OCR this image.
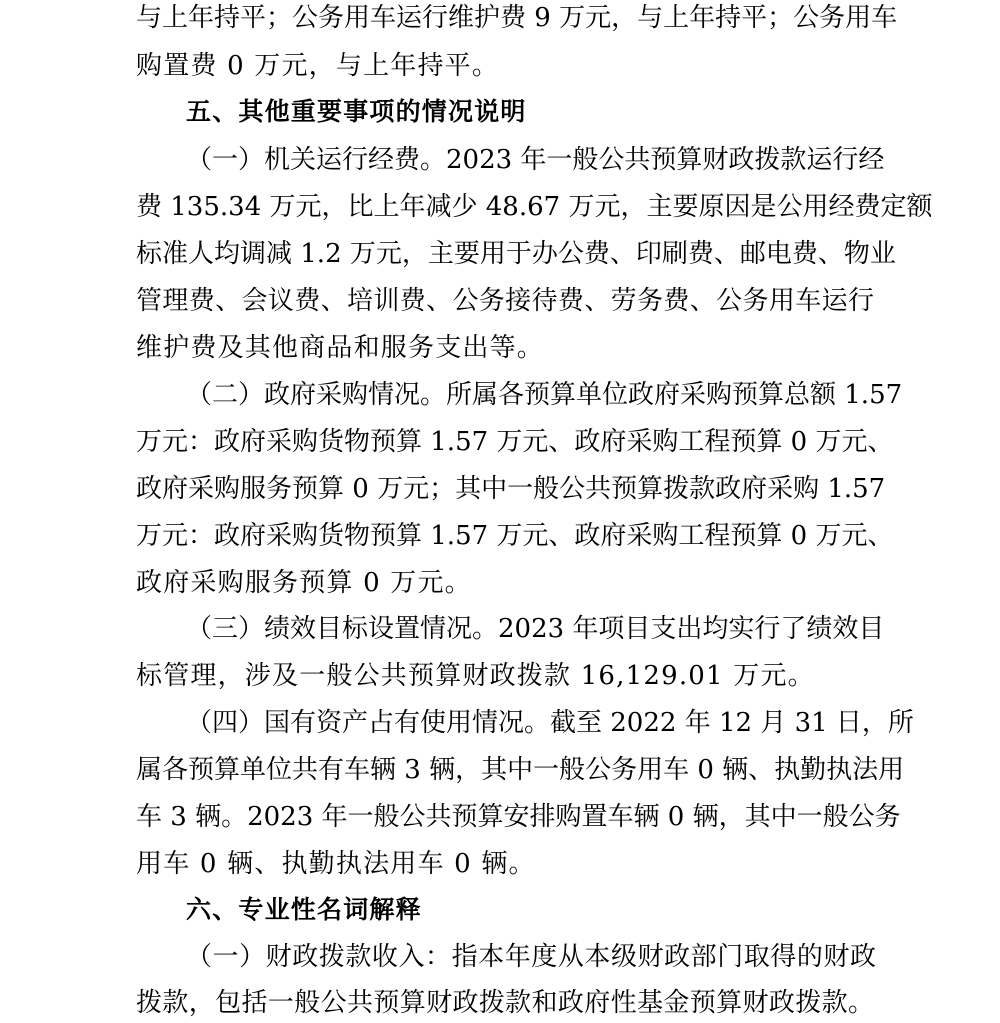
与上年持平；公务用车运行维护费 9 万元，与上年持平；公务用车
购置费 0 万元，与上年持平。
五、其他重要事项的情况说明
（一）机关运行经费。2023 年一般公共预算财政拨款运行经
费 135.34 万元，比上年减少 48.67 万元，主要原因是公用经费定额
标准人均调减 1.2 万元，主要用于办公费、印刷费、邮电费、物业
管理费、会议费、培训费、公务接待费、劳务费、公务用车运行
维护费及其他商品和服务支出等。
（二）政府采购情况。所属各预算单位政府采购预算总额 1.57
万元：政府采购货物预算 1.57 万元、政府采购工程预算 0 万元、
政府采购服务预算 0 万元；其中一般公共预算拨款政府采购 1.57
万元：政府采购货物预算 1.57 万元、政府采购工程预算 0 万元、
政府采购服务预算 0 万元。
（三）绩效目标设置情况。2023 年项目支出均实行了绩效目
标管理，涉及一般公共预算财政拨款 16,129.01 万元。
（四）国有资产占有使用情况。截至 2022 年 12 月 31 日，所
属各预算单位共有车辆 3 辆，其中一般公务用车 0 辆、执勤执法用
车 3 辆。2023 年一般公共预算安排购置车辆 0 辆，其中一般公务
用车 0 辆、执勤执法用车 0 辆。
六、专业性名词解释
（一）财政拨款收入：指本年度从本级财政部门取得的财政
拨款，包括一般公共预算财政拨款和政府性基金预算财政拨款。
